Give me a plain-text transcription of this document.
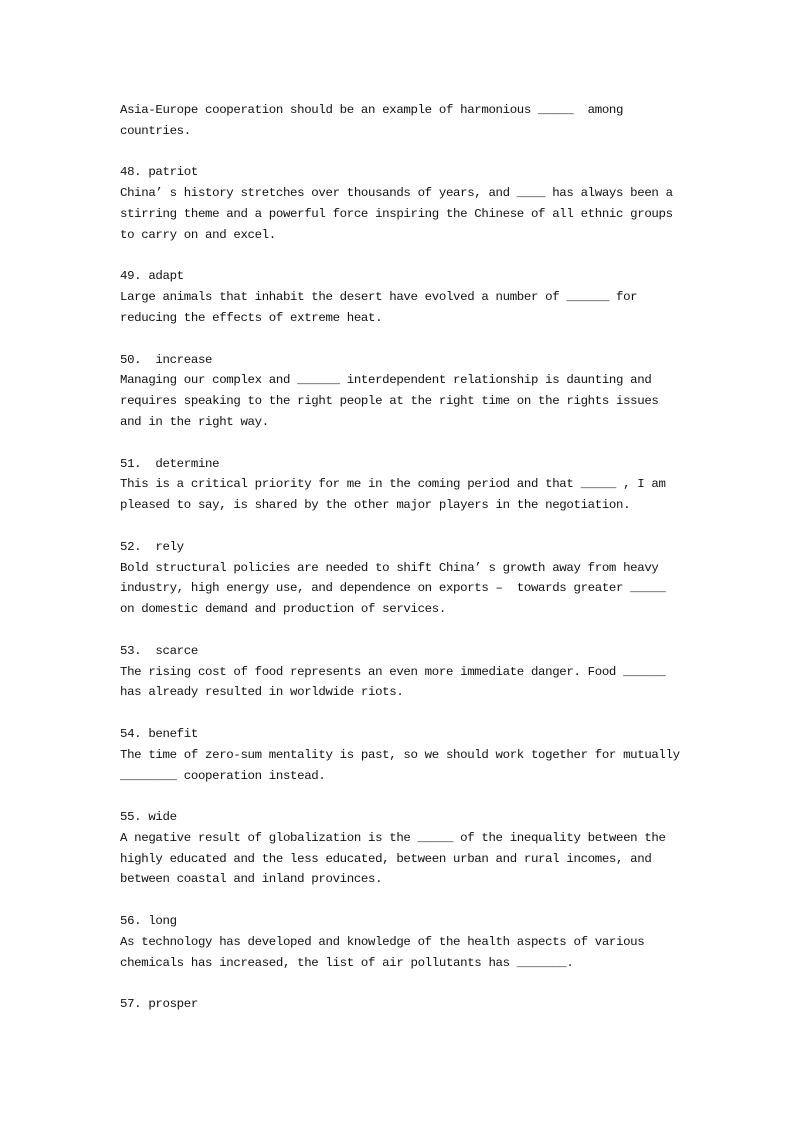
Asia-Europe cooperation should be an example of harmonious _____  among countries.
48. patriot
China’ s history stretches over thousands of years, and ____ has always been a stirring theme and a powerful force inspiring the Chinese of all ethnic groups to carry on and excel.
49. adapt
Large animals that inhabit the desert have evolved a number of ______ for reducing the effects of extreme heat.
50.  increase
Managing our complex and ______ interdependent relationship is daunting and requires speaking to the right people at the right time on the rights issues and in the right way.
51.  determine
This is a critical priority for me in the coming period and that _____ , I am pleased to say, is shared by the other major players in the negotiation.
52.  rely
Bold structural policies are needed to shift China’ s growth away from heavy industry, high energy use, and dependence on exports –  towards greater _____ on domestic demand and production of services.
53.  scarce
The rising cost of food represents an even more immediate danger. Food ______ has already resulted in worldwide riots.
54. benefit
The time of zero-sum mentality is past, so we should work together for mutually  ________ cooperation instead.
55. wide
A negative result of globalization is the _____ of the inequality between the highly educated and the less educated, between urban and rural incomes, and between coastal and inland provinces.
56. long
As technology has developed and knowledge of the health aspects of various chemicals has increased, the list of air pollutants has _______.
57. prosper
